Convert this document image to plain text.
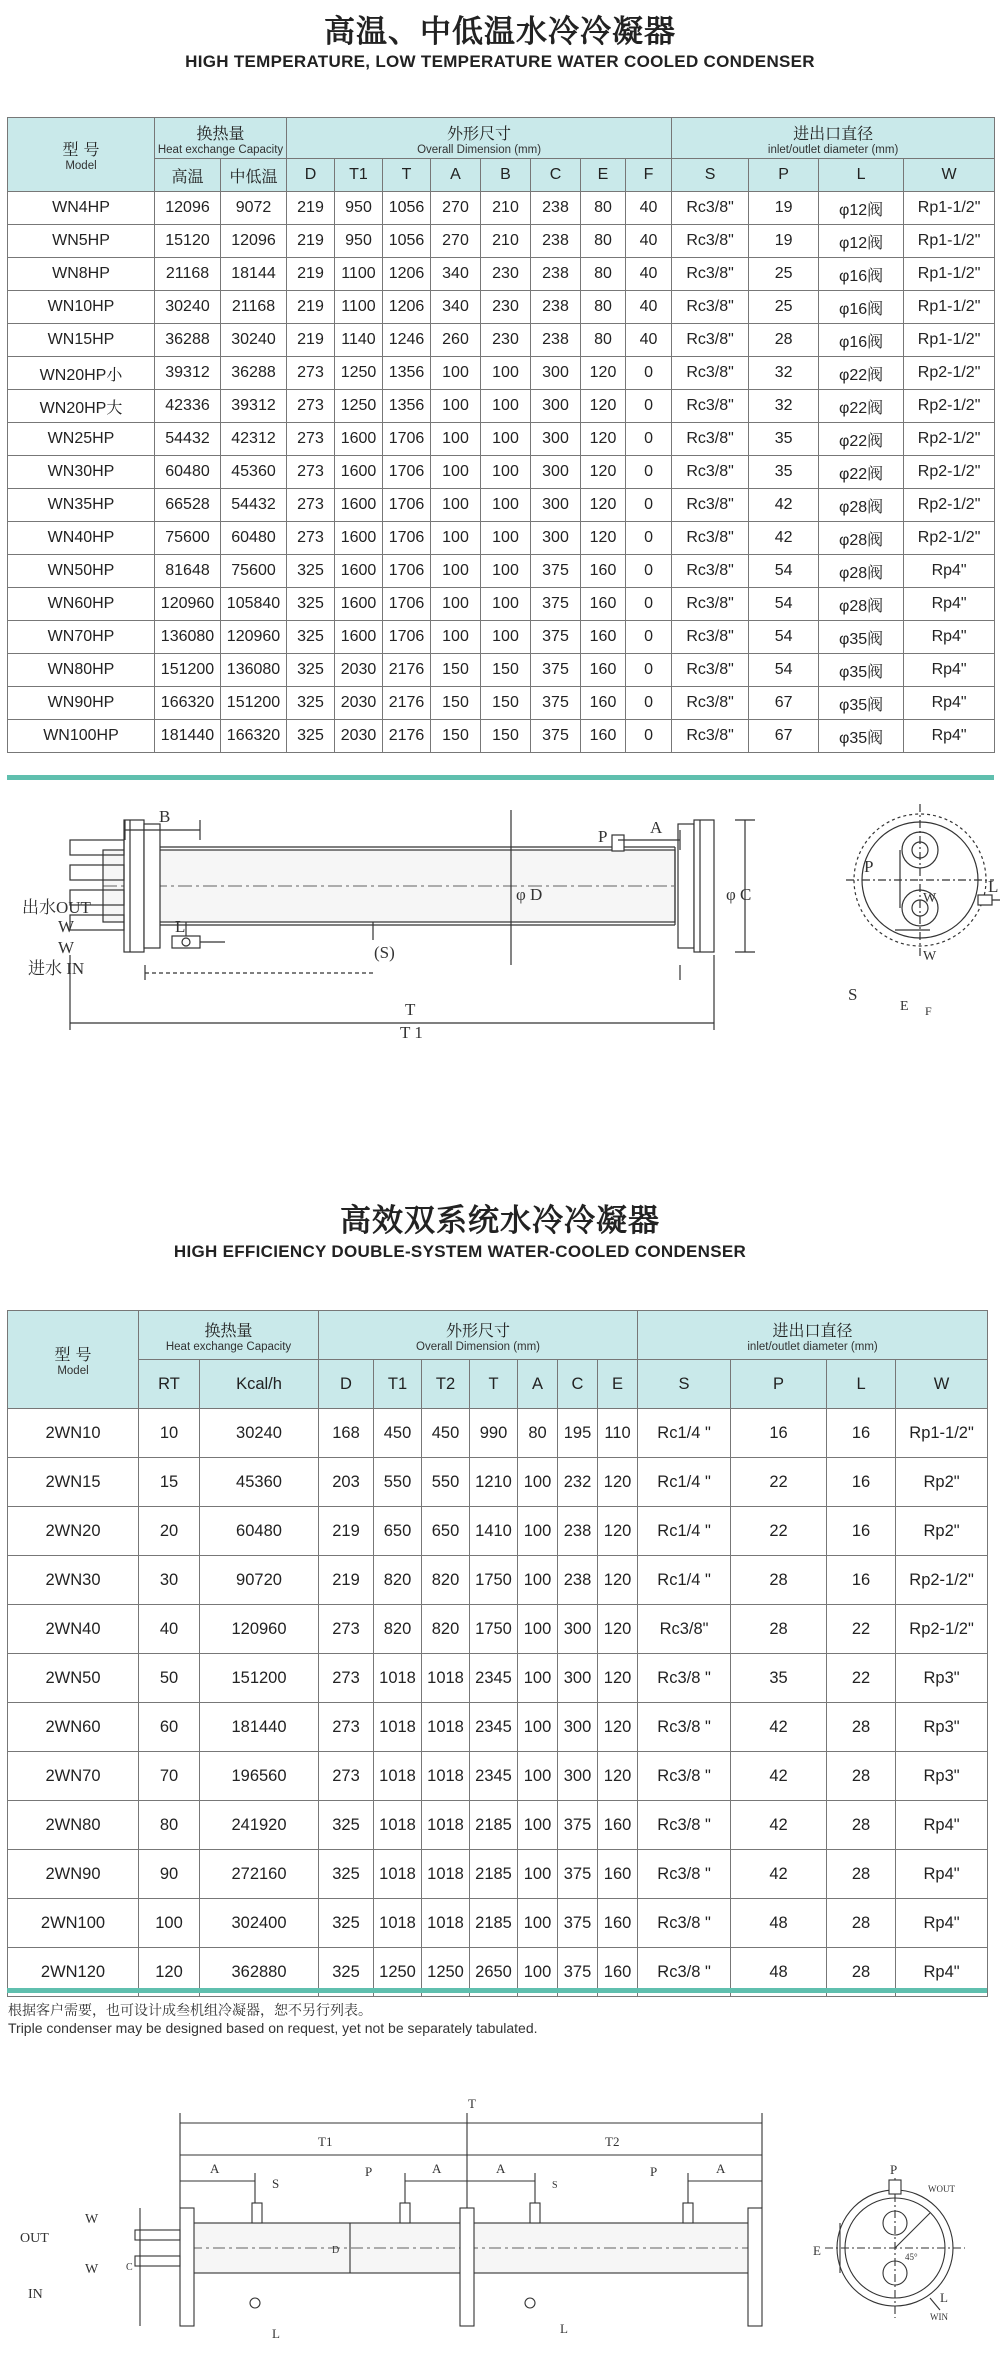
高温、中低温水冷冷凝器
HIGH TEMPERATURE, LOW TEMPERATURE WATER COOLED CONDENSER
型 号
Model	换热量
Heat exchange Capacity		外形尺寸
Overall Dimension (mm)								进出口直径
inlet/outlet diameter (mm)			

	高温	中低温	D	T1	T	A	B	C	E	F	S	P	L	W
WN4HP	12096	9072	219	950	1056	270	210	238	80	40	Rc3/8"	19	φ12阀	Rp1-1/2"
WN5HP	15120	12096	219	950	1056	270	210	238	80	40	Rc3/8"	19	φ12阀	Rp1-1/2"
WN8HP	21168	18144	219	1100	1206	340	230	238	80	40	Rc3/8"	25	φ16阀	Rp1-1/2"
WN10HP	30240	21168	219	1100	1206	340	230	238	80	40	Rc3/8"	25	φ16阀	Rp1-1/2"
WN15HP	36288	30240	219	1140	1246	260	230	238	80	40	Rc3/8"	28	φ16阀	Rp1-1/2"
WN20HP小	39312	36288	273	1250	1356	100	100	300	120	0	Rc3/8"	32	φ22阀	Rp2-1/2"
WN20HP大	42336	39312	273	1250	1356	100	100	300	120	0	Rc3/8"	32	φ22阀	Rp2-1/2"
WN25HP	54432	42312	273	1600	1706	100	100	300	120	0	Rc3/8"	35	φ22阀	Rp2-1/2"
WN30HP	60480	45360	273	1600	1706	100	100	300	120	0	Rc3/8"	35	φ22阀	Rp2-1/2"
WN35HP	66528	54432	273	1600	1706	100	100	300	120	0	Rc3/8"	42	φ28阀	Rp2-1/2"
WN40HP	75600	60480	273	1600	1706	100	100	300	120	0	Rc3/8"	42	φ28阀	Rp2-1/2"
WN50HP	81648	75600	325	1600	1706	100	100	375	160	0	Rc3/8"	54	φ28阀	Rp4"
WN60HP	120960	105840	325	1600	1706	100	100	375	160	0	Rc3/8"	54	φ28阀	Rp4"
WN70HP	136080	120960	325	1600	1706	100	100	375	160	0	Rc3/8"	54	φ35阀	Rp4"
WN80HP	151200	136080	325	2030	2176	150	150	375	160	0	Rc3/8"	54	φ35阀	Rp4"
WN90HP	166320	151200	325	2030	2176	150	150	375	160	0	Rc3/8"	67	φ35阀	Rp4"
WN100HP	181440	166320	325	2030	2176	150	150	375	160	0	Rc3/8"	67	φ35阀	Rp4"
B
A
P
L
(S)
T 1
T
φ D	φ C
出水OUT
W
W
进水 IN
P
S
L
E F
W
W
高效双系统水冷冷凝器
HIGH EFFICIENCY DOUBLE-SYSTEM WATER-COOLED CONDENSER
型 号
Model	换热量
Heat exchange Capacity		外形尺寸
Overall Dimension (mm)							进出口直径
inlet/outlet diameter (mm)			

	RT	Kcal/h	D	T1	T2	T	A	C	E	S	P	L	W
2WN10	10	30240	168	450	450	990	80	195	110	Rc1/4 "	16	16	Rp1-1/2"
2WN15	15	45360	203	550	550	1210	100	232	120	Rc1/4 "	22	16	Rp2"
2WN20	20	60480	219	650	650	1410	100	238	120	Rc1/4 "	22	16	Rp2"
2WN30	30	90720	219	820	820	1750	100	238	120	Rc1/4 "	28	16	Rp2-1/2"
2WN40	40	120960	273	820	820	1750	100	300	120	Rc3/8"	28	22	Rp2-1/2"
2WN50	50	151200	273	1018	1018	2345	100	300	120	Rc3/8 "	35	22	Rp3"
2WN60	60	181440	273	1018	1018	2345	100	300	120	Rc3/8 "	42	28	Rp3"
2WN70	70	196560	273	1018	1018	2345	100	300	120	Rc3/8 "	42	28	Rp3"
2WN80	80	241920	325	1018	1018	2185	100	375	160	Rc3/8 "	42	28	Rp4"
2WN90	90	272160	325	1018	1018	2185	100	375	160	Rc3/8 "	42	28	Rp4"
2WN100	100	302400	325	1018	1018	2185	100	375	160	Rc3/8 "	48	28	Rp4"
2WN120	120	362880	325	1250	1250	2650	100	375	160	Rc3/8 "	48	28	Rp4"
根据客户需要，也可设计成叁机组冷凝器，恕不另行列表。
Triple condenser may be designed based on request, yet not be separately tabulated.
T
T1	T2
A	A	A	A
S	S
P	P
L	L
D
C
OUT
IN
W
W
WOUT
WIN
P
L
E	45°
